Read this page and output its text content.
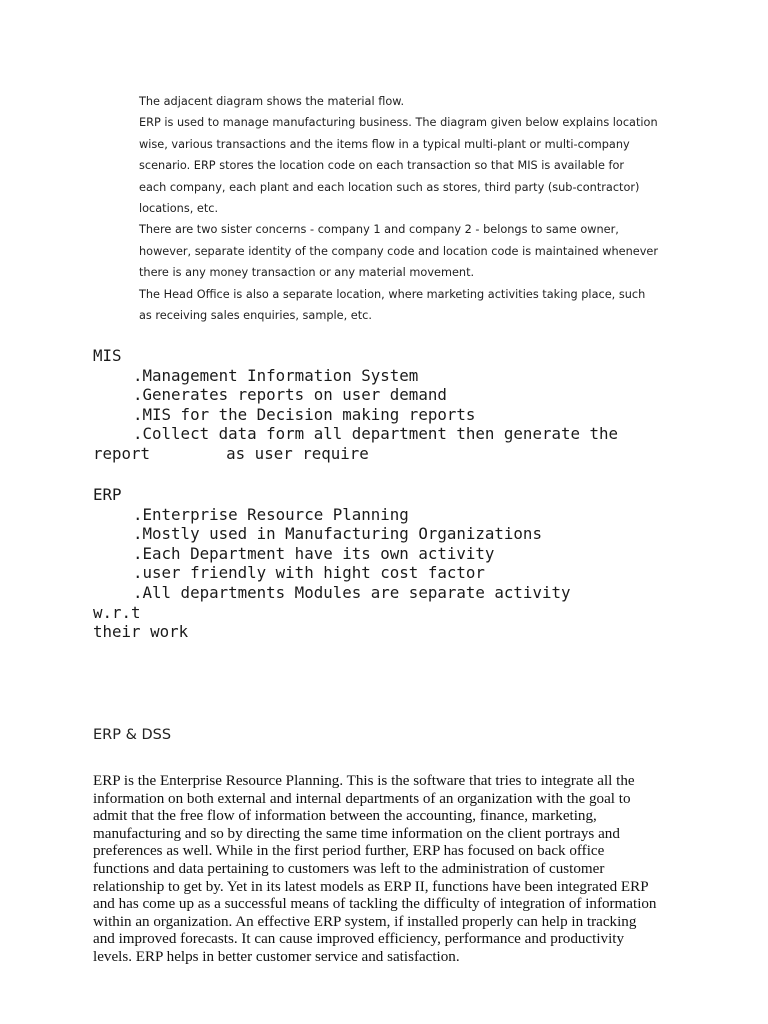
The adjacent diagram shows the material flow.

ERP is used to manage manufacturing business. The diagram given below explains location

wise, various transactions and the items flow in a typical multi-plant or multi-company

scenario. ERP stores the location code on each transaction so that MIS is available for

each company, each plant and each location such as stores, third party (sub-contractor)

locations, etc.

There are two sister concerns - company 1 and company 2 - belongs to same owner,

however, separate identity of the company code and location code is maintained whenever

there is any money transaction or any material movement.

The Head Office is also a separate location, where marketing activities taking place, such

as receiving sales enquiries, sample, etc.

MIS
.Management Information System
.Generates reports on user demand
.MIS for the Decision making reports
.Collect data form all department then generate the
report        as user require
ERP
.Enterprise Resource Planning
.Mostly used in Manufacturing Organizations
.Each Department have its own activity
.user friendly with hight cost factor
.All departments Modules are separate activity
w.r.t
their work
ERP & DSS
ERP is the Enterprise Resource Planning. This is the software that tries to integrate all the
information on both external and internal departments of an organization with the goal to
admit that the free flow of information between the accounting, finance, marketing,
manufacturing and so by directing the same time information on the client portrays and
preferences as well. While in the first period further, ERP has focused on back office
functions and data pertaining to customers was left to the administration of customer
relationship to get by. Yet in its latest models as ERP II, functions have been integrated ERP
and has come up as a successful means of tackling the difficulty of integration of information
within an organization. An effective ERP system, if installed properly can help in tracking
and improved forecasts. It can cause improved efficiency, performance and productivity
levels. ERP helps in better customer service and satisfaction.
